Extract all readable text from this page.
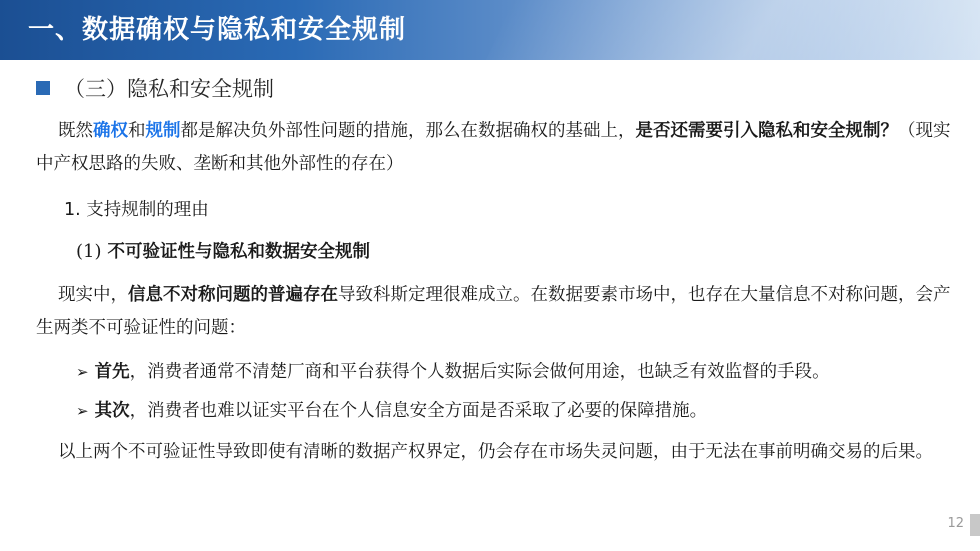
一、数据确权与隐私和安全规制
（三）隐私和安全规制
既然确权和规制都是解决负外部性问题的措施，那么在数据确权的基础上，是否还需要引入隐私和安全规制？（现实中产权思路的失败、垄断和其他外部性的存在）
1. 支持规制的理由
(1) 不可验证性与隐私和数据安全规制
现实中，信息不对称问题的普遍存在导致科斯定理很难成立。在数据要素市场中，也存在大量信息不对称问题，会产生两类不可验证性的问题：
➢ 首先，消费者通常不清楚厂商和平台获得个人数据后实际会做何用途，也缺乏有效监督的手段。
➢ 其次，消费者也难以证实平台在个人信息安全方面是否采取了必要的保障措施。
以上两个不可验证性导致即使有清晰的数据产权界定，仍会存在市场失灵问题，由于无法在事前明确交易的后果。
12
